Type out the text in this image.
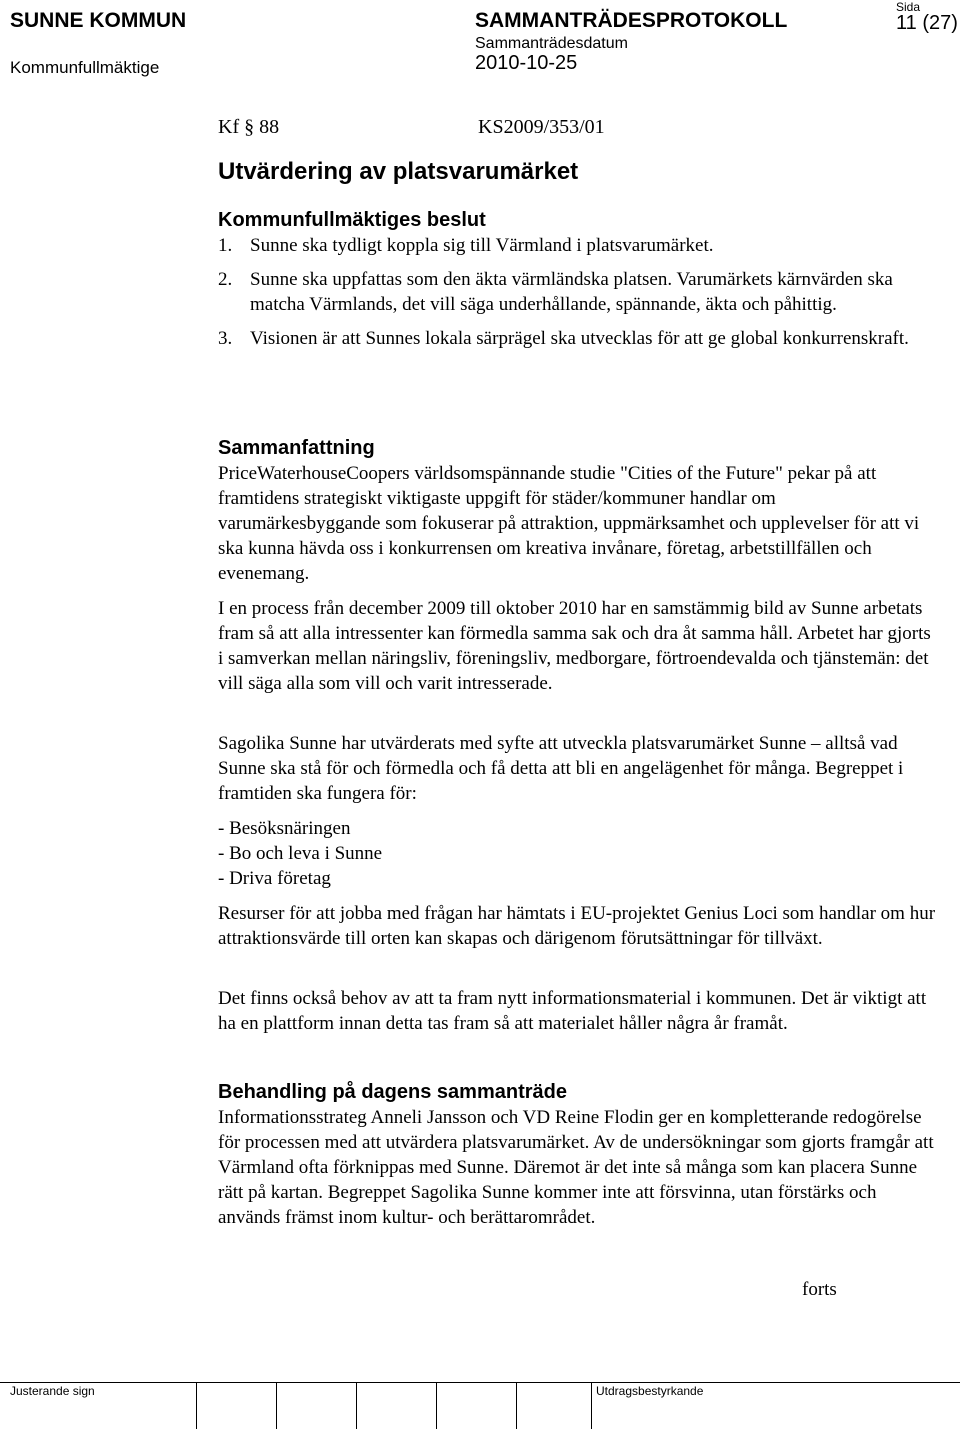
SUNNE KOMMUN
Kommunfullmäktige
SAMMANTRÄDESPROTOKOLL
Sammanträdesdatum
2010-10-25
Sida
11 (27)
Kf § 88	KS2009/353/01
Utvärdering av platsvarumärket
Kommunfullmäktiges beslut
1. Sunne ska tydligt koppla sig till Värmland i platsvarumärket.
2. Sunne ska uppfattas som den äkta värmländska platsen. Varumärkets kärnvärden ska matcha Värmlands, det vill säga underhållande, spännande, äkta och påhittig.
3. Visionen är att Sunnes lokala särprägel ska utvecklas för att ge global konkurrenskraft.
Sammanfattning
PriceWaterhouseCoopers världsomspännande studie "Cities of the Future" pekar på att framtidens strategiskt viktigaste uppgift för städer/kommuner handlar om varumärkesbyggande som fokuserar på attraktion, uppmärksamhet och upplevelser för att vi ska kunna hävda oss i konkurrensen om kreativa invånare, företag, arbetstillfällen och evenemang.
I en process från december 2009 till oktober 2010 har en samstämmig bild av Sunne arbetats fram så att alla intressenter kan förmedla samma sak och dra åt samma håll. Arbetet har gjorts i samverkan mellan näringsliv, föreningsliv, medborgare, förtroendevalda och tjänstemän: det vill säga alla som vill och varit intresserade.
Sagolika Sunne har utvärderats med syfte att utveckla platsvarumärket Sunne – alltså vad Sunne ska stå för och förmedla och få detta att bli en angelägenhet för många. Begreppet i framtiden ska fungera för:
- Besöksnäringen
- Bo och leva i Sunne
- Driva företag
Resurser för att jobba med frågan har hämtats i EU-projektet Genius Loci som handlar om hur attraktionsvärde till orten kan skapas och därigenom förutsättningar för tillväxt.
Det finns också behov av att ta fram nytt informationsmaterial i kommunen. Det är viktigt att ha en plattform innan detta tas fram så att materialet håller några år framåt.
Behandling på dagens sammanträde
Informationsstrateg Anneli Jansson och VD Reine Flodin ger en kompletterande redogörelse för processen med att utvärdera platsvarumärket. Av de undersökningar som gjorts framgår att Värmland ofta förknippas med Sunne. Däremot är det inte så många som kan placera Sunne rätt på kartan. Begreppet Sagolika Sunne kommer inte att försvinna, utan förstärks och används främst inom kultur- och berättarområdet.
forts
Justerande sign	Utdragsbestyrkande
